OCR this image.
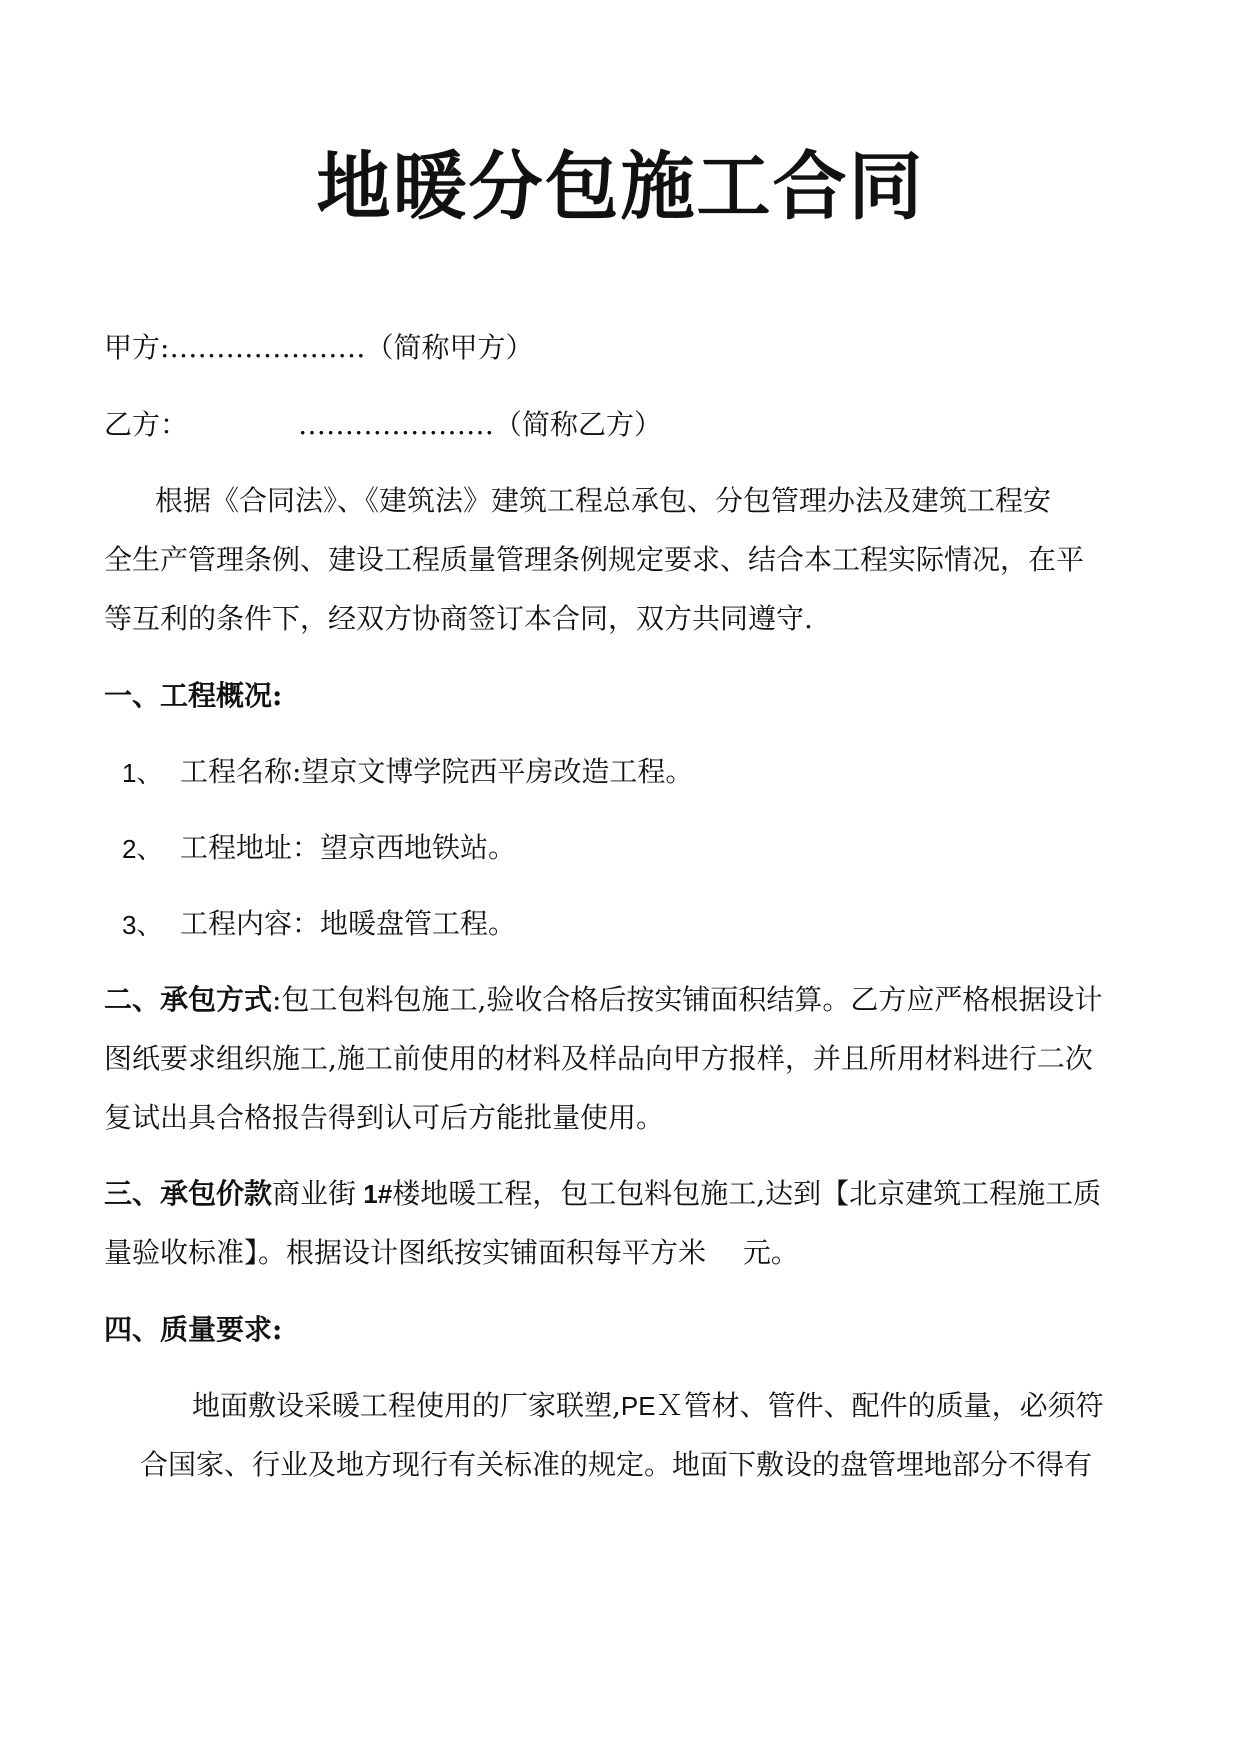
地暖分包施工合同
甲方:…………………（简称甲方）
乙方：	…………………（简称乙方）
根据《合同法》、《建筑法》建筑工程总承包、分包管理办法及建筑工程安
全生产管理条例、建设工程质量管理条例规定要求、结合本工程实际情况，在平
等互利的条件下，经双方协商签订本合同，双方共同遵守.
一、工程概况:
1、 工程名称:望京文博学院西平房改造工程。
2、 工程地址：望京西地铁站。
3、 工程内容：地暖盘管工程。
二、承包方式:包工包料包施工,验收合格后按实铺面积结算。乙方应严格根据设计
图纸要求组织施工,施工前使用的材料及样品向甲方报样，并且所用材料进行二次
复试出具合格报告得到认可后方能批量使用。
三、承包价款商业街 1#楼地暖工程，包工包料包施工,达到【北京建筑工程施工质
量验收标准】。根据设计图纸按实铺面积每平方米　 元。
四、质量要求:
地面敷设采暖工程使用的厂家联塑,PEＸ管材、管件、配件的质量，必须符
合国家、行业及地方现行有关标准的规定。地面下敷设的盘管埋地部分不得有
